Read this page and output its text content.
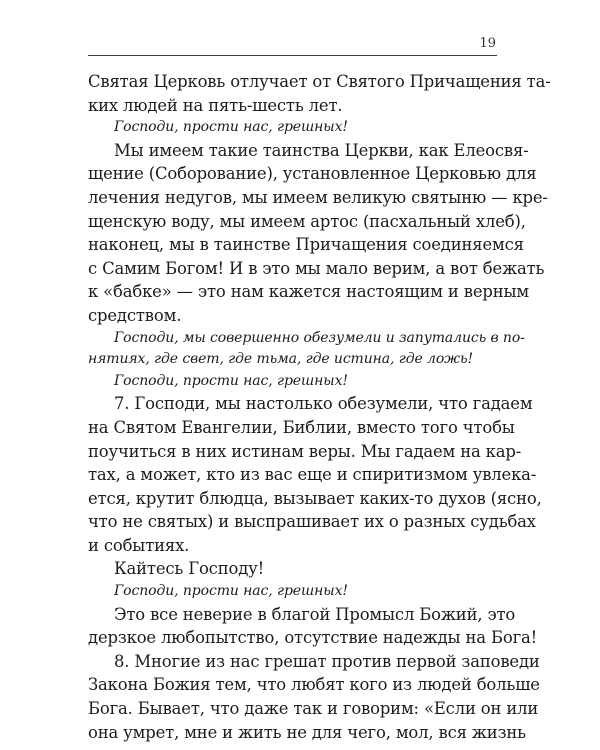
19
Святая Церковь отлучает от Святого Причащения та-
ких людей на пять-шесть лет.
Господи, прости нас, грешных!
Мы имеем такие таинства Церкви, как Елеосвя-
щение (Соборование), установленное Церковью для
лечения недугов, мы имеем великую святыню — кре-
щенскую воду, мы имеем артос (пасхальный хлеб),
наконец, мы в таинстве Причащения соединяемся
с Самим Богом! И в это мы мало верим, а вот бежать
к «бабке» — это нам кажется настоящим и верным
средством.
Господи, мы совершенно обезумели и запутались в по-
нятиях, где свет, где тьма, где истина, где ложь!
Господи, прости нас, грешных!
7. Господи, мы настолько обезумели, что гадаем
на Святом Евангелии, Библии, вместо того чтобы
поучиться в них истинам веры. Мы гадаем на кар-
тах, а может, кто из вас еще и спиритизмом увлека-
ется, крутит блюдца, вызывает каких-то духов (ясно,
что не святых) и выспрашивает их о разных судьбах
и событиях.
Кайтесь Господу!
Господи, прости нас, грешных!
Это все неверие в благой Промысл Божий, это
дерзкое любопытство, отсутствие надежды на Бога!
8. Многие из нас грешат против первой заповеди
Закона Божия тем, что любят кого из людей больше
Бога. Бывает, что даже так и говорим: «Если он или
она умрет, мне и жить не для чего, мол, вся жизнь
